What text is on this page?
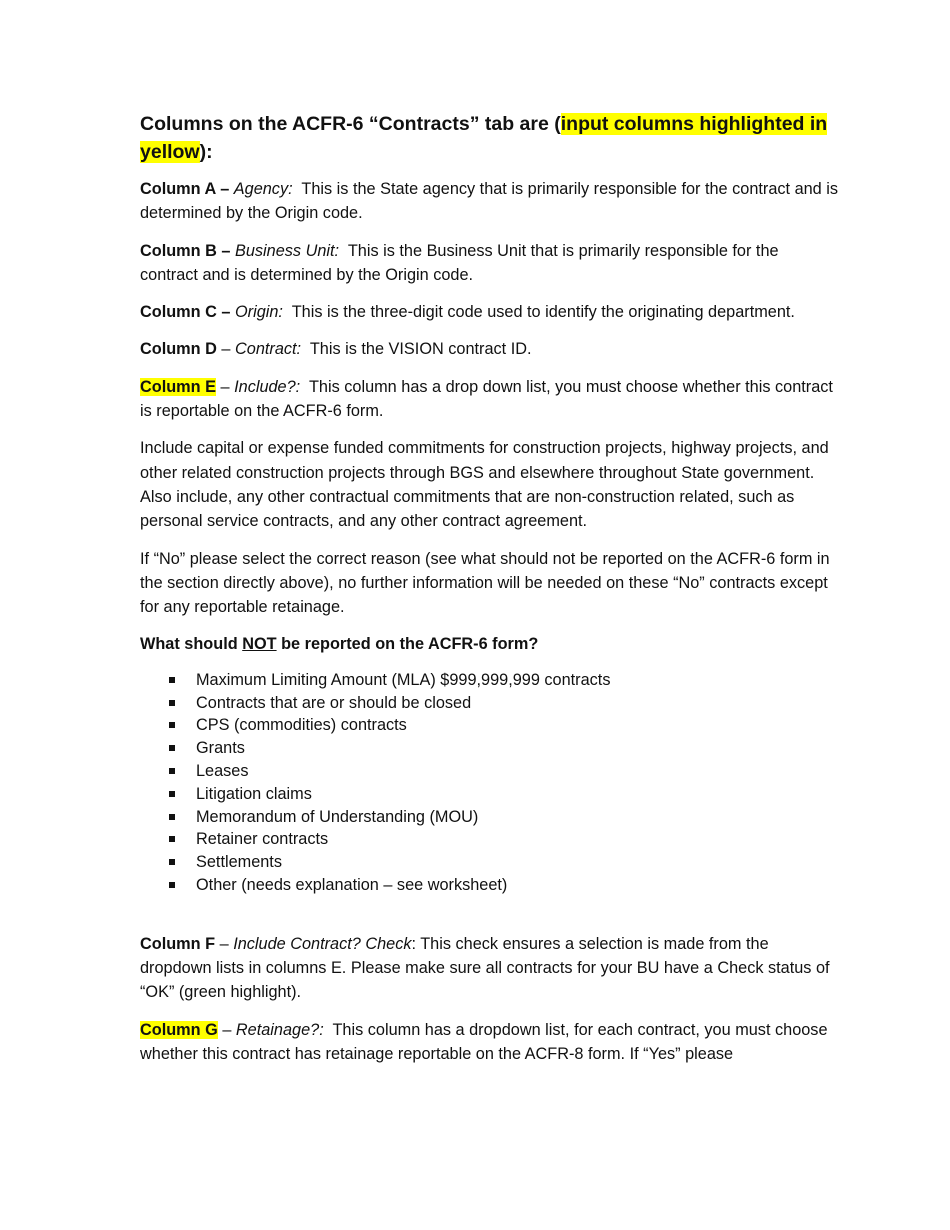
Columns on the ACFR-6 “Contracts” tab are (input columns highlighted in yellow):

Column A – Agency: This is the State agency that is primarily responsible for the contract and is determined by the Origin code.

Column B – Business Unit: This is the Business Unit that is primarily responsible for the contract and is determined by the Origin code.

Column C – Origin: This is the three-digit code used to identify the originating department.

Column D – Contract: This is the VISION contract ID.

Column E – Include?: This column has a drop down list, you must choose whether this contract is reportable on the ACFR-6 form.

Include capital or expense funded commitments for construction projects, highway projects, and other related construction projects through BGS and elsewhere throughout State government. Also include, any other contractual commitments that are non-construction related, such as personal service contracts, and any other contract agreement.

If “No” please select the correct reason (see what should not be reported on the ACFR-6 form in the section directly above), no further information will be needed on these “No” contracts except for any reportable retainage.

What should NOT be reported on the ACFR-6 form?

Maximum Limiting Amount (MLA) $999,999,999 contracts
Contracts that are or should be closed
CPS (commodities) contracts
Grants
Leases
Litigation claims
Memorandum of Understanding (MOU)
Retainer contracts
Settlements
Other (needs explanation – see worksheet)

Column F – Include Contract? Check: This check ensures a selection is made from the dropdown lists in columns E. Please make sure all contracts for your BU have a Check status of “OK” (green highlight).

Column G – Retainage?: This column has a dropdown list, for each contract, you must choose whether this contract has retainage reportable on the ACFR-8 form. If “Yes” please
